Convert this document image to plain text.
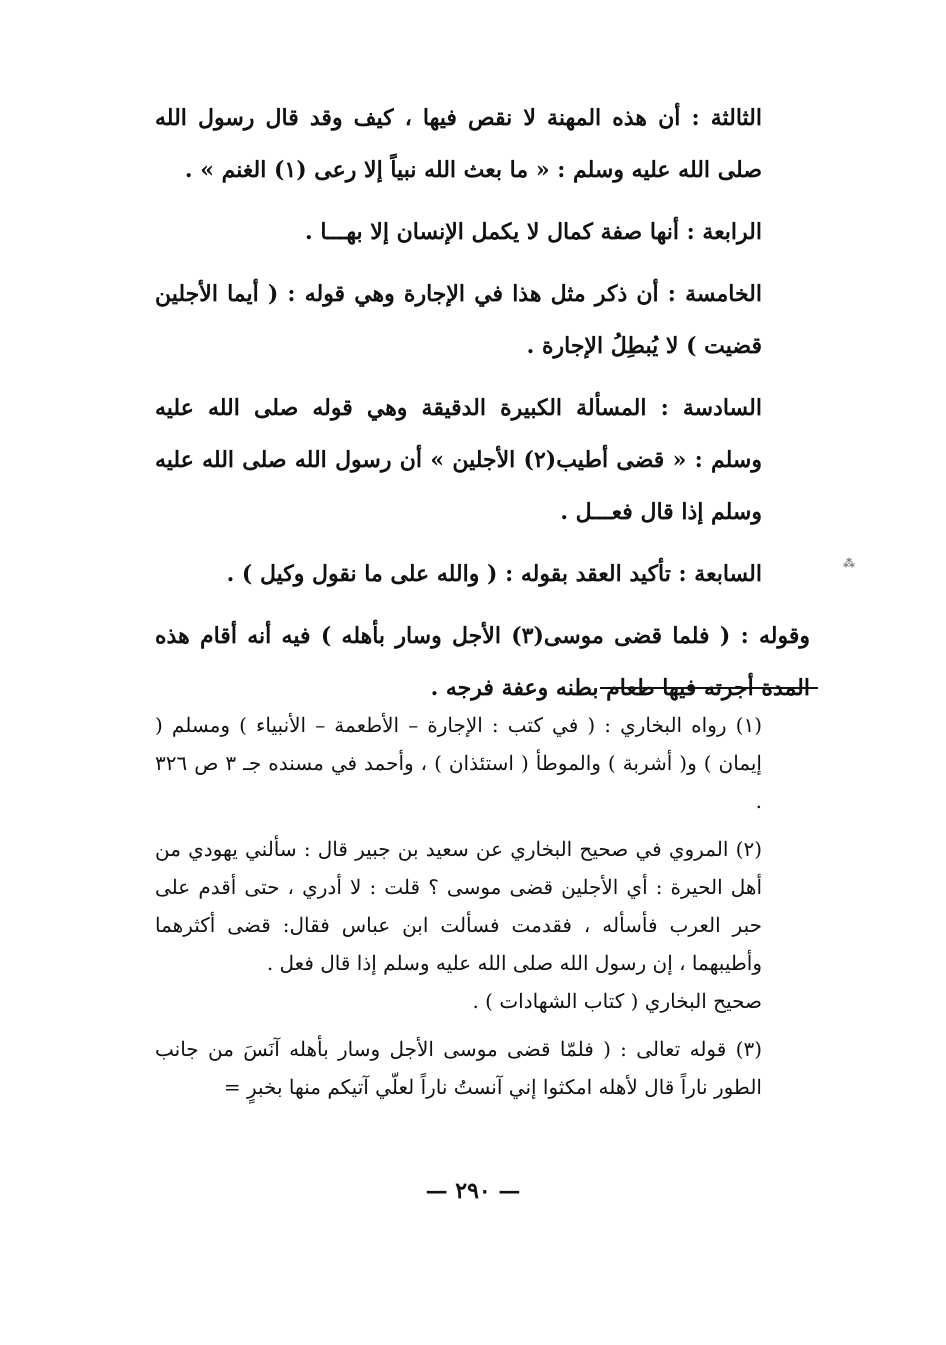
الثالثة : أن هذه المهنة لا نقص فيها ، كيف وقد قال رسول الله صلى الله عليه وسلم : « ما بعث الله نبياً إلا رعى (١) الغنم » .

الرابعة : أنها صفة كمال لا يكمل الإنسان إلا بهـــا .

الخامسة : أن ذكر مثل هذا في الإجارة وهي قوله : ( أيما الأجلين قضيت ) لا يُبطِلُ الإجارة .

السادسة : المسألة الكبيرة الدقيقة وهي قوله صلى الله عليه وسلم : « قضى أطيب(٢) الأجلين » أن رسول الله صلى الله عليه وسلم إذا قال فعـــل .

السابعة : تأكيد العقد بقوله : ( والله على ما نقول وكيل ) .

وقوله : ( فلما قضى موسى(٣) الأجل وسار بأهله ) فيه أنه أقام هذه المدة أجرته فيها طعام بطنه وعفة فرجه .

⁂

(١) رواه البخاري : ( في كتب : الإجارة – الأطعمة – الأنبياء ) ومسلم ( إيمان ) و( أشربة ) والموطأ ( استئذان ) ، وأحمد في مسنده جـ ٣ ص ٣٢٦ .

(٢) المروي في صحيح البخاري عن سعيد بن جبير قال : سألني يهودي من أهل الحيرة : أي الأجلين قضى موسى ؟ قلت : لا أدري ، حتى أقدم على حبر العرب فأسأله ، فقدمت فسألت ابن عباس فقال: قضى أكثرهما وأطيبهما ، إن رسول الله صلى الله عليه وسلم إذا قال فعل .

صحيح البخاري ( كتاب الشهادات ) .

(٣) قوله تعالى : ( فلمّا قضى موسى الأجل وسار بأهله آنَسَ من جانب الطور ناراً قال لأهله امكثوا إني آنستُ ناراً لعلّي آتيكم منها بخبرٍ =

— ٢٩٠ —
